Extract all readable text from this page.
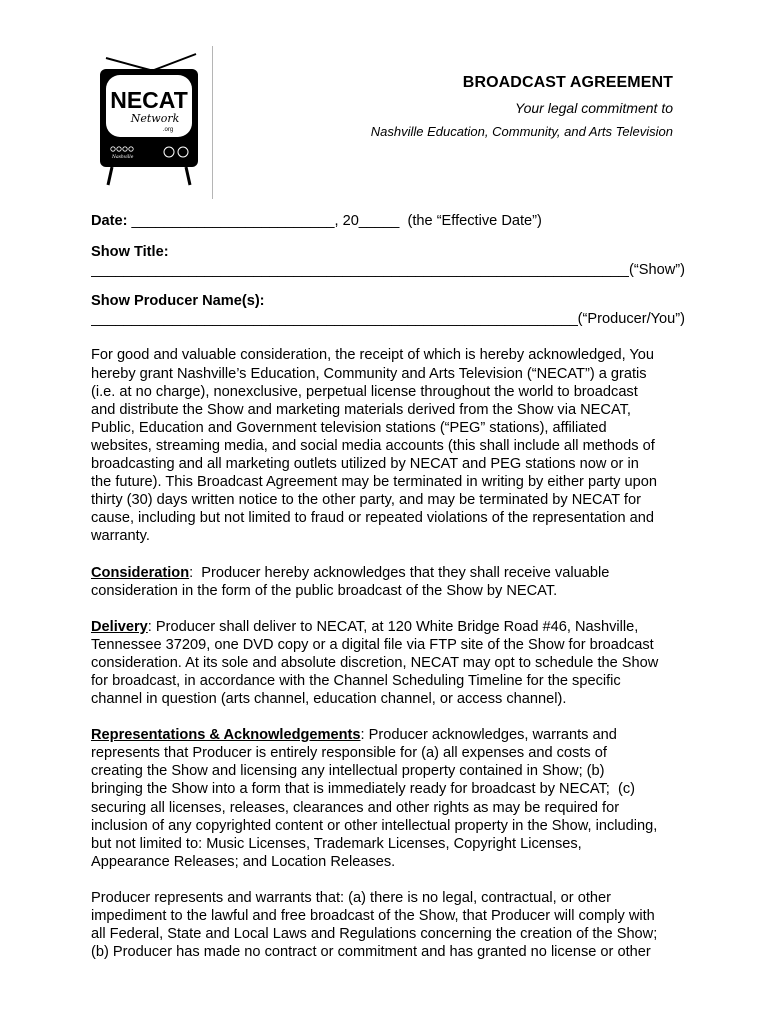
NECAT
Network
.org
Nashville
BROADCAST AGREEMENT
Your legal commitment to
Nashville Education, Community, and Arts Television
Date: _________________________, 20_____  (the “Effective Date”)
Show Title:
_____
(“Show”)
Show Producer Name(s):
_____
(“Producer/You”)
For good and valuable consideration, the receipt of which is hereby acknowledged, You
hereby grant Nashville’s Education, Community and Arts Television (“NECAT”) a gratis
(i.e. at no charge), nonexclusive, perpetual license throughout the world to broadcast
and distribute the Show and marketing materials derived from the Show via NECAT,
Public, Education and Government television stations (“PEG” stations), affiliated
websites, streaming media, and social media accounts (this shall include all methods of
broadcasting and all marketing outlets utilized by NECAT and PEG stations now or in
the future). This Broadcast Agreement may be terminated in writing by either party upon
thirty (30) days written notice to the other party, and may be terminated by NECAT for
cause, including but not limited to fraud or repeated violations of the representation and
warranty.
Consideration:  Producer hereby acknowledges that they shall receive valuable
consideration in the form of the public broadcast of the Show by NECAT.
Delivery: Producer shall deliver to NECAT, at 120 White Bridge Road #46, Nashville,
Tennessee 37209, one DVD copy or a digital file via FTP site of the Show for broadcast
consideration. At its sole and absolute discretion, NECAT may opt to schedule the Show
for broadcast, in accordance with the Channel Scheduling Timeline for the specific
channel in question (arts channel, education channel, or access channel).
Representations & Acknowledgements: Producer acknowledges, warrants and
represents that Producer is entirely responsible for (a) all expenses and costs of
creating the Show and licensing any intellectual property contained in Show; (b)
bringing the Show into a form that is immediately ready for broadcast by NECAT;  (c)
securing all licenses, releases, clearances and other rights as may be required for
inclusion of any copyrighted content or other intellectual property in the Show, including,
but not limited to: Music Licenses, Trademark Licenses, Copyright Licenses,
Appearance Releases; and Location Releases.
Producer represents and warrants that: (a) there is no legal, contractual, or other
impediment to the lawful and free broadcast of the Show, that Producer will comply with
all Federal, State and Local Laws and Regulations concerning the creation of the Show;
(b) Producer has made no contract or commitment and has granted no license or other
